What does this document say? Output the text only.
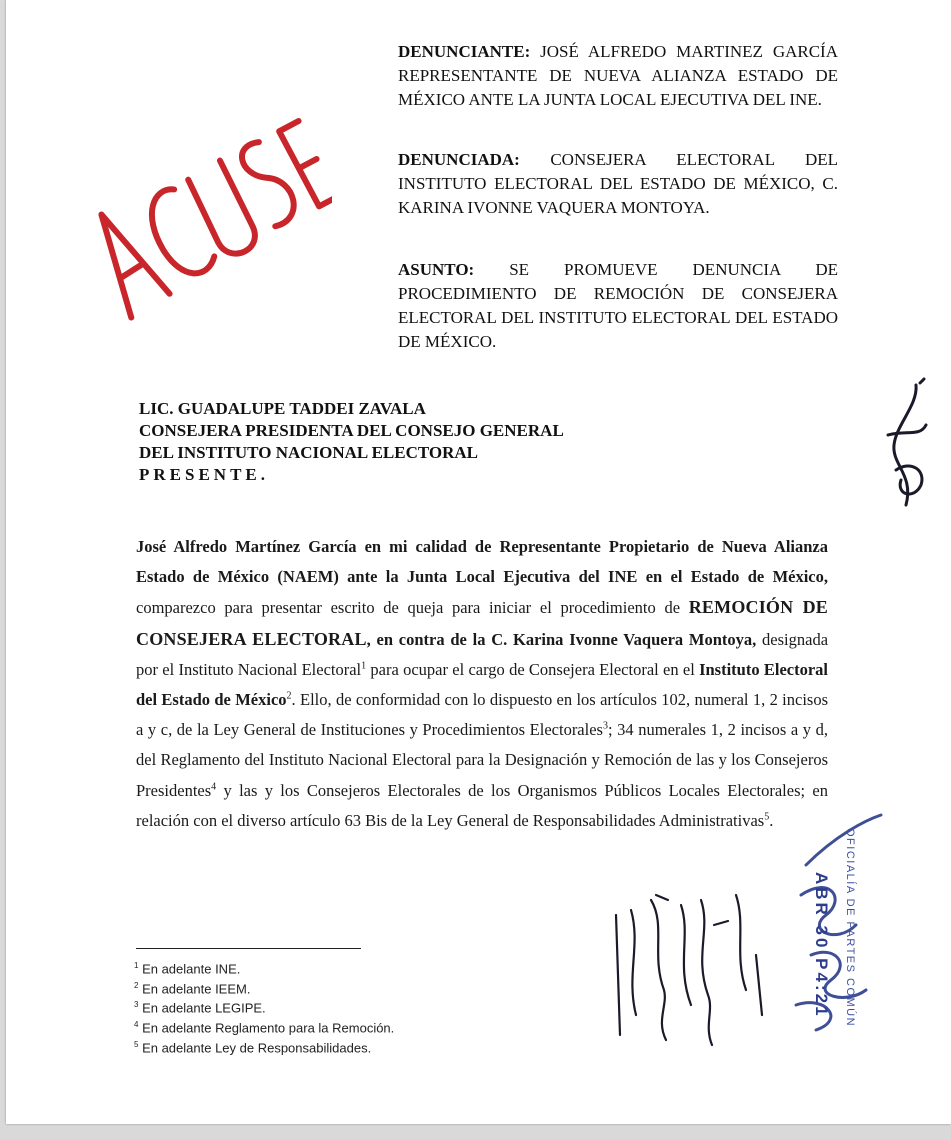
DENUNCIANTE: JOSÉ ALFREDO MARTINEZ GARCÍA REPRESENTANTE DE NUEVA ALIANZA ESTADO DE MÉXICO ANTE LA JUNTA LOCAL EJECUTIVA DEL INE.
DENUNCIADA: CONSEJERA ELECTORAL DEL INSTITUTO ELECTORAL DEL ESTADO DE MÉXICO, C. KARINA IVONNE VAQUERA MONTOYA.
ASUNTO: SE PROMUEVE DENUNCIA DE PROCEDIMIENTO DE REMOCIÓN DE CONSEJERA ELECTORAL DEL INSTITUTO ELECTORAL DEL ESTADO DE MÉXICO.
LIC. GUADALUPE TADDEI ZAVALA
CONSEJERA PRESIDENTA DEL CONSEJO GENERAL
DEL INSTITUTO NACIONAL ELECTORAL
PRESENTE.
José Alfredo Martínez García en mi calidad de Representante Propietario de Nueva Alianza Estado de México (NAEM) ante la Junta Local Ejecutiva del INE en el Estado de México, comparezco para presentar escrito de queja para iniciar el procedimiento de REMOCIÓN DE CONSEJERA ELECTORAL, en contra de la C. Karina Ivonne Vaquera Montoya, designada por el Instituto Nacional Electoral$^1$ para ocupar el cargo de Consejera Electoral en el Instituto Electoral del Estado de México$^2$. Ello, de conformidad con lo dispuesto en los artículos 102, numeral 1, 2 incisos a y c, de la Ley General de Instituciones y Procedimientos Electorales$^3$; 34 numerales 1, 2 incisos a y d, del Reglamento del Instituto Nacional Electoral para la Designación y Remoción de las y los Consejeros Presidentes$^4$ y las y los Consejeros Electorales de los Organismos Públicos Locales Electorales; en relación con el diverso artículo 63 Bis de la Ley General de Responsabilidades Administrativas$^5$.
$^1$ En adelante INE.
$^2$ En adelante IEEM.
$^3$ En adelante LEGIPE.
$^4$ En adelante Reglamento para la Remoción.
$^5$ En adelante Ley de Responsabilidades.
ABR 30 P4:21 OFICIALÍA DE PARTES COMÚN
